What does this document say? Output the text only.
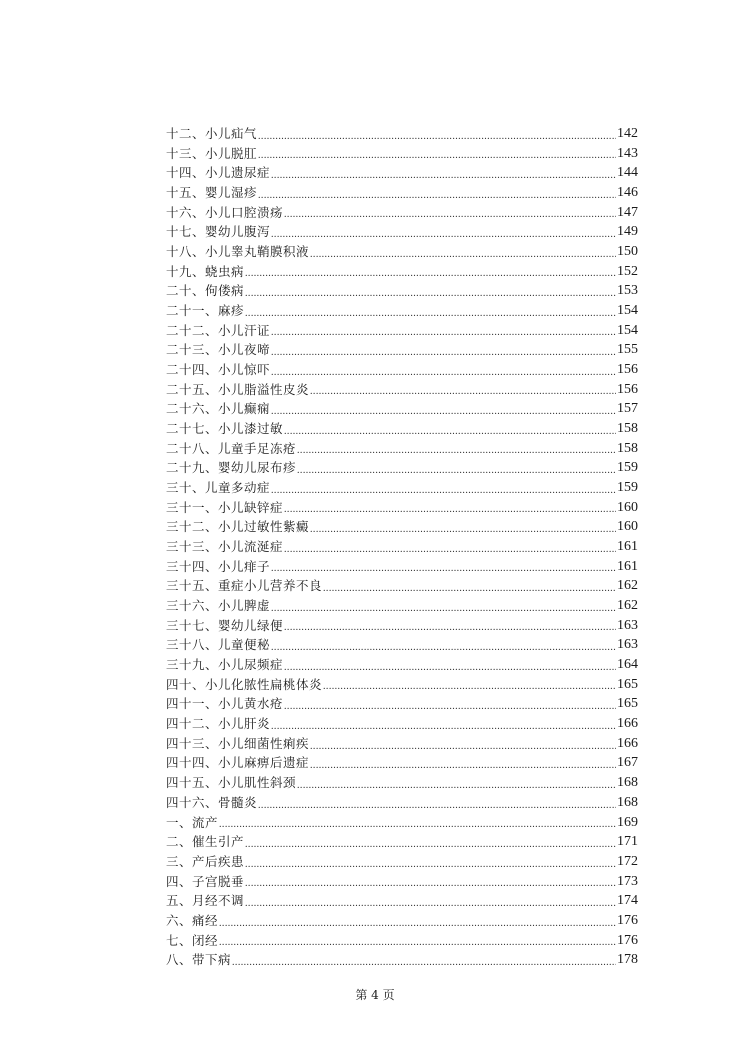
十二、小儿疝气 .....	142
十三、小儿脱肛 .....	143
十四、小儿遗尿症 .....	144
十五、婴儿湿疹 .....	146
十六、小儿口腔溃疡 .....	147
十七、婴幼儿腹泻 .....	149
十八、小儿睾丸鞘膜积液 .....	150
十九、蛲虫病 .....	152
二十、佝偻病 .....	153
二十一、麻疹 .....	154
二十二、小儿汗证 .....	154
二十三、小儿夜啼 .....	155
二十四、小儿惊吓 .....	156
二十五、小儿脂溢性皮炎 .....	156
二十六、小儿癫痫 .....	157
二十七、小儿漆过敏 .....	158
二十八、儿童手足冻疮 .....	158
二十九、婴幼儿尿布疹 .....	159
三十、儿童多动症 .....	159
三十一、小儿缺锌症 .....	160
三十二、小儿过敏性紫癜 .....	160
三十三、小儿流涎症 .....	161
三十四、小儿痱子 .....	161
三十五、重症小儿营养不良 .....	162
三十六、小儿脾虚 .....	162
三十七、婴幼儿绿便 .....	163
三十八、儿童便秘 .....	163
三十九、小儿尿频症 .....	164
四十、小儿化脓性扁桃体炎 .....	165
四十一、小儿黄水疮 .....	165
四十二、小儿肝炎 .....	166
四十三、小儿细菌性痢疾 .....	166
四十四、小儿麻痹后遗症 .....	167
四十五、小儿肌性斜颈 .....	168
四十六、骨髓炎 .....	168
一、流产 .....	169
二、催生引产 .....	171
三、产后疾患 .....	172
四、子宫脱垂 .....	173
五、月经不调 .....	174
六、痛经 .....	176
七、闭经 .....	176
八、带下病 .....	178
第 4 页
